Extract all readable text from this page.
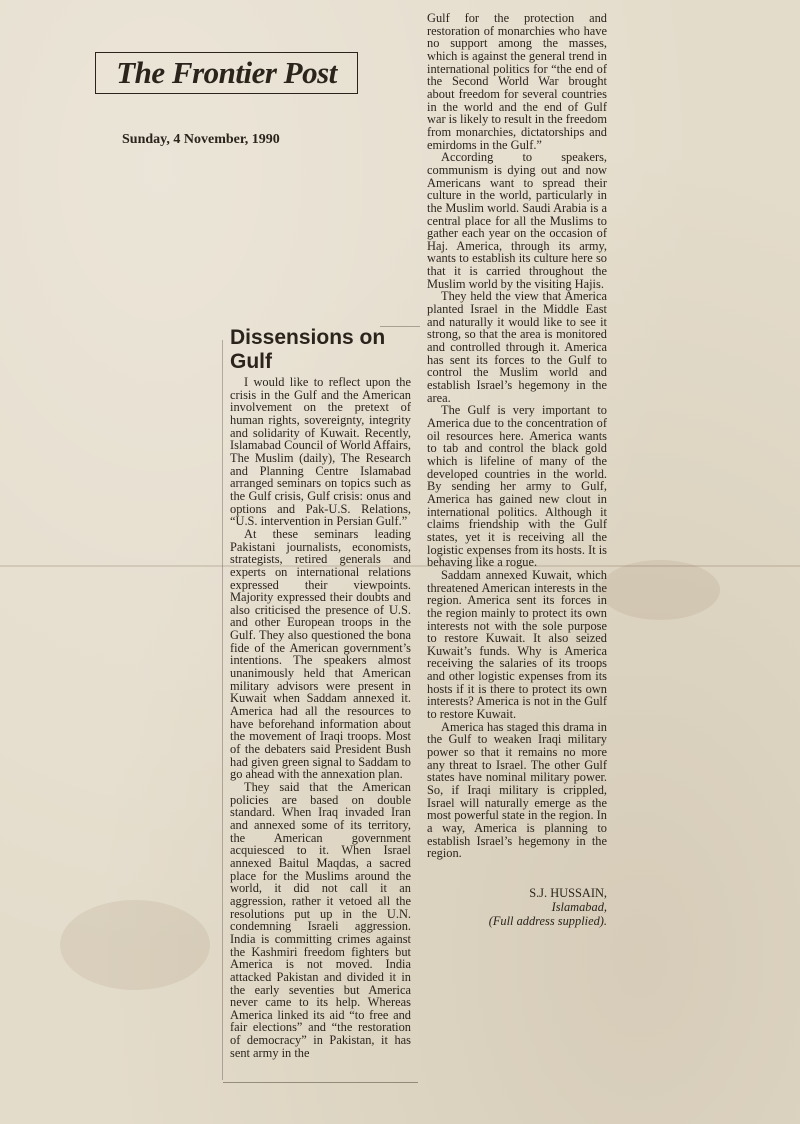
The Frontier Post
Sunday, 4 November, 1990
Dissensions on Gulf

I would like to reflect upon the crisis in the Gulf and the American involvement on the pretext of human rights, sovereignty, integrity and solidarity of Kuwait. Recently, Islamabad Council of World Affairs, The Muslim (daily), The Research and Planning Centre Islamabad arranged seminars on topics such as the Gulf crisis, Gulf crisis: onus and options and Pak-U.S. Relations, “U.S. intervention in Persian Gulf.”

At these seminars leading Pakistani journalists, economists, strategists, retired generals and experts on international relations expressed their viewpoints. Majority expressed their doubts and also criticised the presence of U.S. and other European troops in the Gulf. They also questioned the bona fide of the American government’s intentions. The speakers almost unanimously held that American military advisors were present in Kuwait when Saddam annexed it. America had all the resources to have beforehand information about the movement of Iraqi troops. Most of the debaters said President Bush had given green signal to Saddam to go ahead with the annexation plan.

They said that the American policies are based on double standard. When Iraq invaded Iran and annexed some of its territory, the American government acquiesced to it. When Israel annexed Baitul Maqdas, a sacred place for the Muslims around the world, it did not call it an aggression, rather it vetoed all the resolutions put up in the U.N. condemning Israeli aggression. India is committing crimes against the Kashmiri freedom fighters but America is not moved. India attacked Pakistan and divided it in the early seventies but America never came to its help. Whereas America linked its aid “to free and fair elections” and “the restoration of democracy” in Pakistan, it has sent army in the

Gulf for the protection and restoration of monarchies who have no support among the masses, which is against the general trend in international politics for “the end of the Second World War brought about freedom for several countries in the world and the end of Gulf war is likely to result in the freedom from monarchies, dictatorships and emirdoms in the Gulf.”

According to speakers, communism is dying out and now Americans want to spread their culture in the world, particularly in the Muslim world. Saudi Arabia is a central place for all the Muslims to gather each year on the occasion of Haj. America, through its army, wants to establish its culture here so that it is carried throughout the Muslim world by the visiting Hajis.

They held the view that America planted Israel in the Middle East and naturally it would like to see it strong, so that the area is monitored and controlled through it. America has sent its forces to the Gulf to control the Muslim world and establish Israel’s hegemony in the area.

The Gulf is very important to America due to the concentration of oil resources here. America wants to tab and control the black gold which is lifeline of many of the developed countries in the world. By sending her army to Gulf, America has gained new clout in international politics. Although it claims friendship with the Gulf states, yet it is receiving all the logistic expenses from its hosts. It is behaving like a rogue.

Saddam annexed Kuwait, which threatened American interests in the region. America sent its forces in the region mainly to protect its own interests not with the sole purpose to restore Kuwait. It also seized Kuwait’s funds. Why is America receiving the salaries of its troops and other logistic expenses from its hosts if it is there to protect its own interests? America is not in the Gulf to restore Kuwait.

America has staged this drama in the Gulf to weaken Iraqi military power so that it remains no more any threat to Israel. The other Gulf states have nominal military power. So, if Iraqi military is crippled, Israel will naturally emerge as the most powerful state in the region. In a way, America is planning to establish Israel’s hegemony in the region.

S.J. HUSSAIN,
Islamabad,
(Full address supplied).
